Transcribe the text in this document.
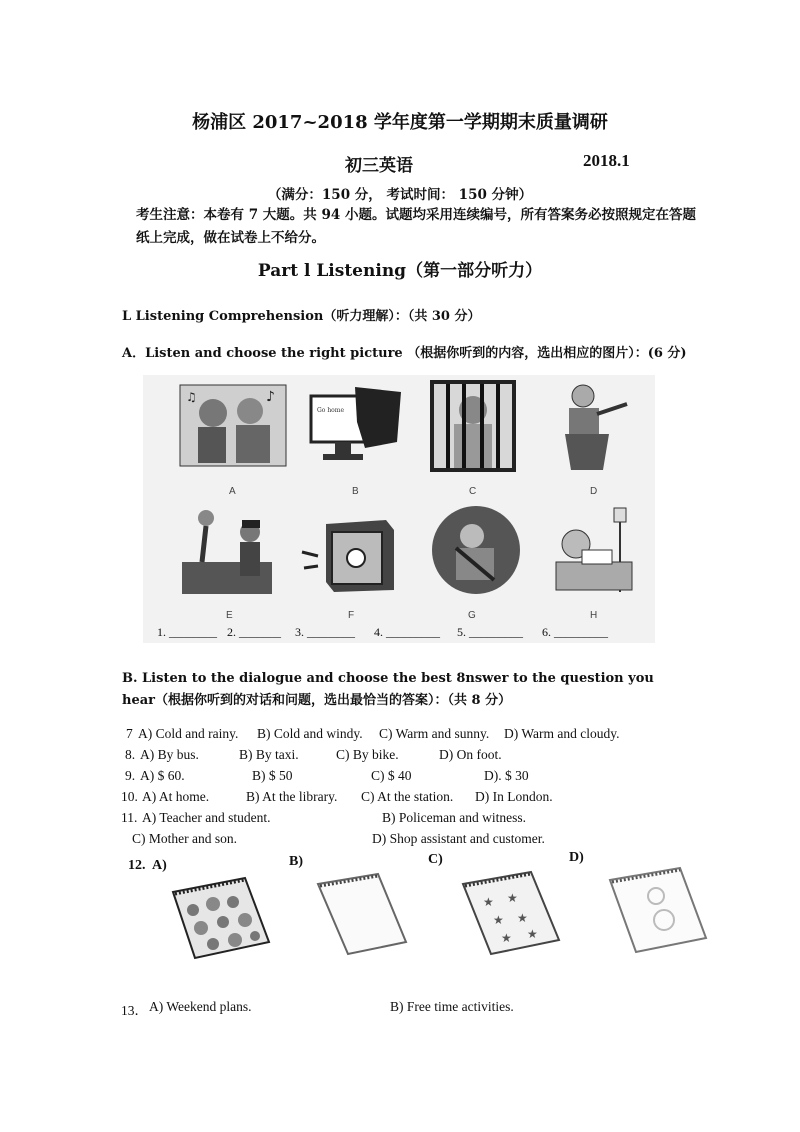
杨浦区 2017~2018 学年度第一学期期末质量调研
初三英语	2018.1
（满分：150 分， 考试时间： 150 分钟）
考生注意：本卷有 7 大题。共 94 小题。试题均采用连续编号，所有答案务必按照规定在答题纸上完成，做在试卷上不给分。
Part l Listening（第一部分听力）
L Listening Comprehension（听力理解）：（共 30 分）
A．Listen and choose the right picture （根据你听到的内容，选出相应的图片）：(6 分)
♪
♫
Go home
A	B	C	D
E	F	G	H
1. ________ 2. _______ 3. ________ 4. _________ 5. _________ 6. _________
B. Listen to the dialogue and choose the best 8nswer to the question you hear（根据你听到的对话和问题，选出最恰当的答案）：（共 8 分）
7 A) Cold and rainy. B) Cold and windy. C) Warm and sunny. D) Warm and cloudy.
8. A) By bus.	B) By taxi.	C) By bike.	D) On foot.
9. A) $ 60.	B) $ 50	C) $ 40	D). $ 30
10. A) At home.	B) At the library. C) At the station. D) In London.
11. A) Teacher and student.	B) Policeman and witness.
C) Mother and son.	D) Shop assistant and customer.
12. A)	B)	C)	D)
★ ★
★ ★
★ ★
13． A) Weekend plans.	B) Free time activities.
